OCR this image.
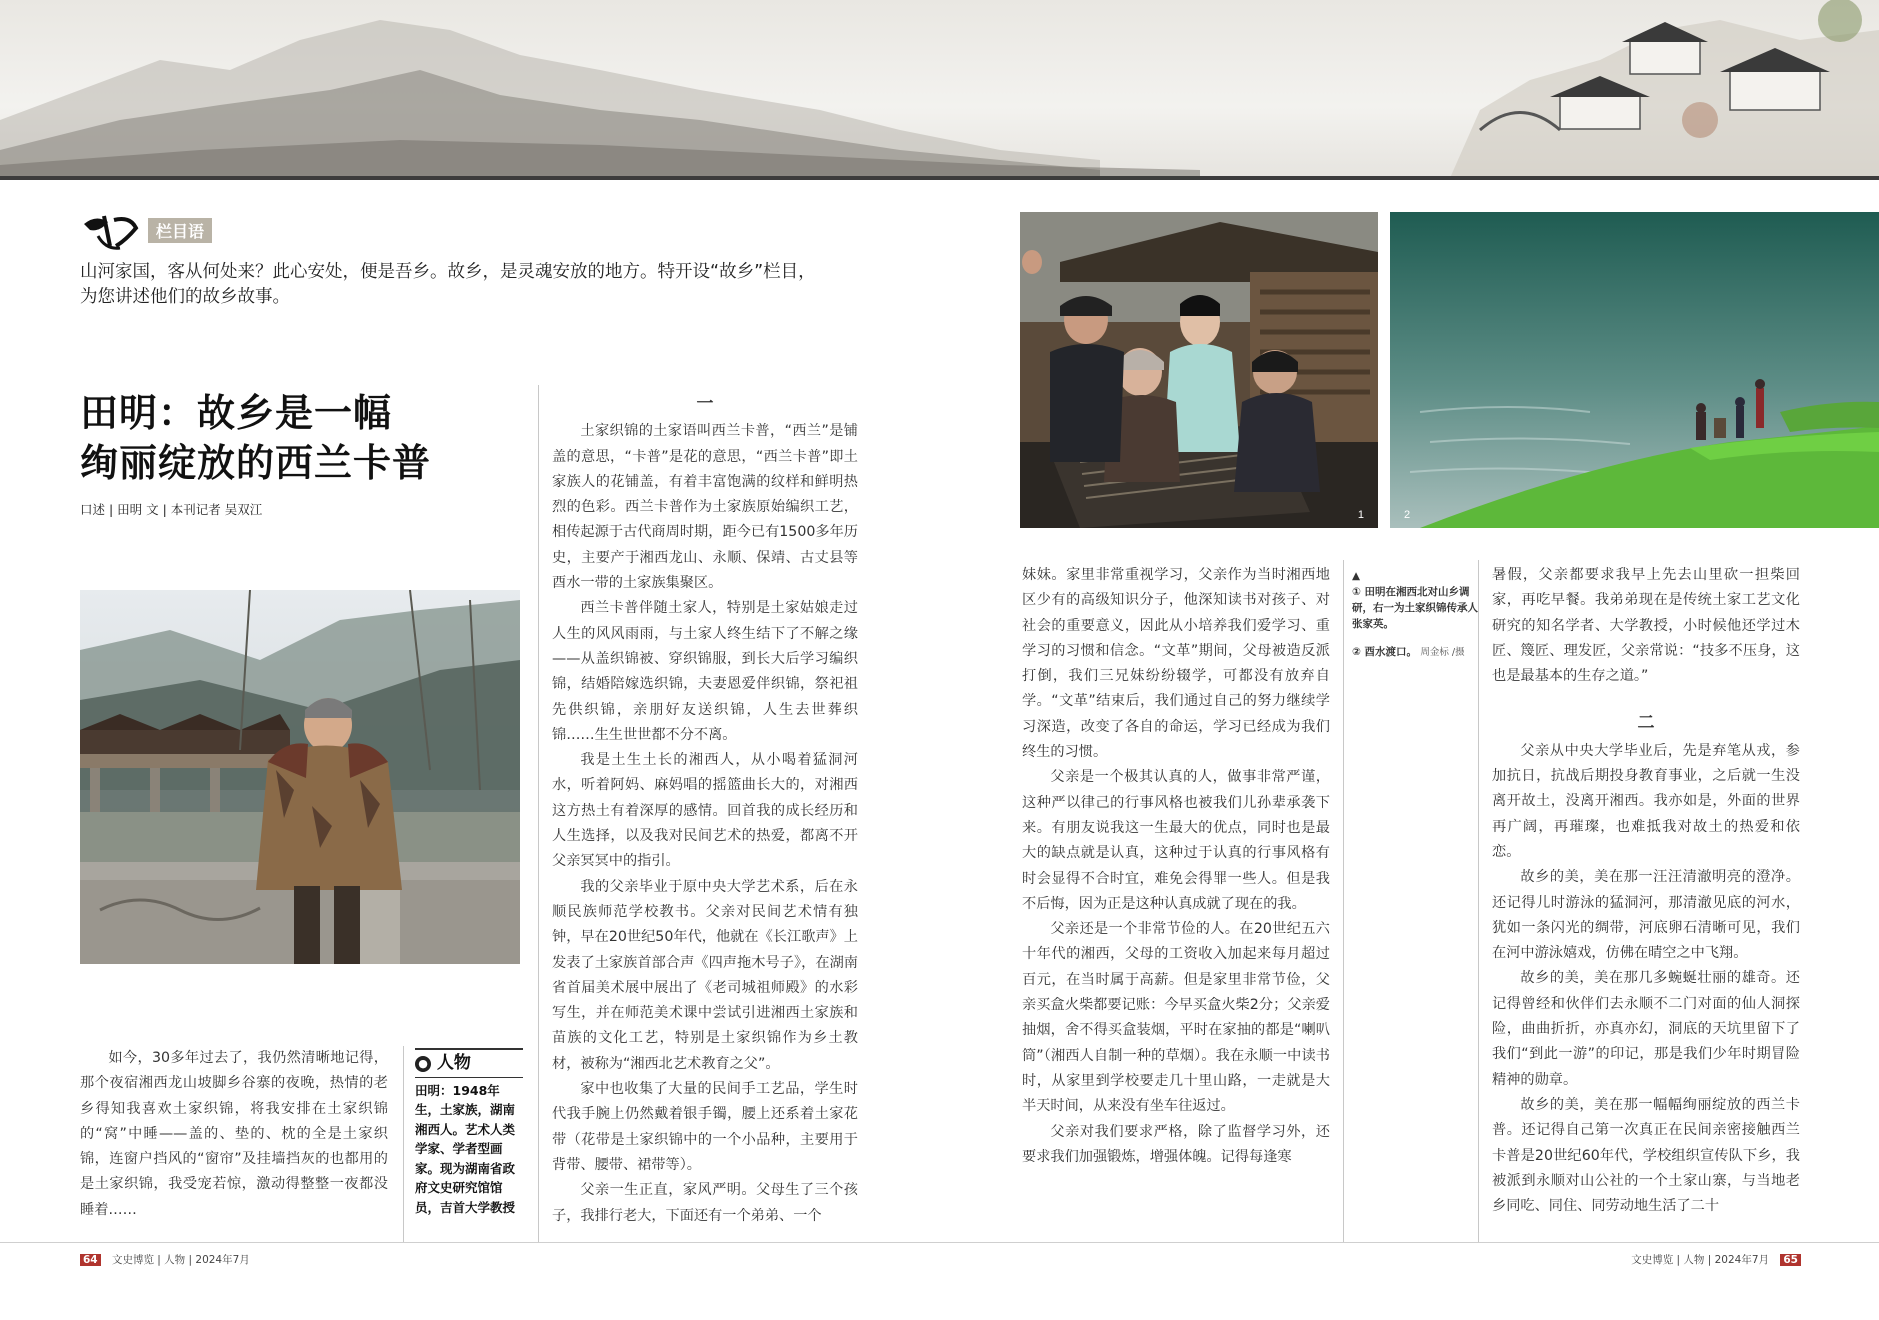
栏目语
山河家国，客从何处来？此心安处，便是吾乡。故乡，是灵魂安放的地方。特开设“故乡”栏目，为您讲述他们的故乡故事。
田明：故乡是一幅
绚丽绽放的西兰卡普
口述 | 田明 文 | 本刊记者 吴双江

如今，30多年过去了，我仍然清晰地记得，那个夜宿湘西龙山坡脚乡谷寨的夜晚，热情的老乡得知我喜欢土家织锦，将我安排在土家织锦的“窝”中睡——盖的、垫的、枕的全是土家织锦，连窗户挡风的“窗帘”及挂墙挡灰的也都用的是土家织锦，我受宠若惊，激动得整整一夜都没睡着……

● 人物
田明：1948年生，土家族，湖南湘西人。艺术人类学家、学者型画家。现为湖南省政府文史研究馆馆员，吉首大学教授

一

土家织锦的土家语叫西兰卡普，“西兰”是铺盖的意思，“卡普”是花的意思，“西兰卡普”即土家族人的花铺盖，有着丰富饱满的纹样和鲜明热烈的色彩。西兰卡普作为土家族原始编织工艺，相传起源于古代商周时期，距今已有1500多年历史，主要产于湘西龙山、永顺、保靖、古丈县等酉水一带的土家族集聚区。

西兰卡普伴随土家人，特别是土家姑娘走过人生的风风雨雨，与土家人终生结下了不解之缘——从盖织锦被、穿织锦服，到长大后学习编织锦，结婚陪嫁选织锦，夫妻恩爱伴织锦，祭祀祖先供织锦，亲朋好友送织锦，人生去世葬织锦……生生世世都不分不离。

我是土生土长的湘西人，从小喝着猛洞河水，听着阿妈、麻妈唱的摇篮曲长大的，对湘西这方热土有着深厚的感情。回首我的成长经历和人生选择，以及我对民间艺术的热爱，都离不开父亲冥冥中的指引。

我的父亲毕业于原中央大学艺术系，后在永顺民族师范学校教书。父亲对民间艺术情有独钟，早在20世纪50年代，他就在《长江歌声》上发表了土家族首部合声《四声拖木号子》，在湖南省首届美术展中展出了《老司城祖师殿》的水彩写生，并在师范美术课中尝试引进湘西土家族和苗族的文化工艺，特别是土家织锦作为乡土教材，被称为“湘西北艺术教育之父”。

家中也收集了大量的民间手工艺品，学生时代我手腕上仍然戴着银手镯，腰上还系着土家花带（花带是土家织锦中的一个小品种，主要用于背带、腰带、裙带等）。

父亲一生正直，家风严明。父母生了三个孩子，我排行老大，下面还有一个弟弟、一个

1	2

妹妹。家里非常重视学习，父亲作为当时湘西地区少有的高级知识分子，他深知读书对孩子、对社会的重要意义，因此从小培养我们爱学习、重学习的习惯和信念。“文革”期间，父母被造反派打倒，我们三兄妹纷纷辍学，可都没有放弃自学。“文革”结束后，我们通过自己的努力继续学习深造，改变了各自的命运，学习已经成为我们终生的习惯。

父亲是一个极其认真的人，做事非常严谨，这种严以律己的行事风格也被我们儿孙辈承袭下来。有朋友说我这一生最大的优点，同时也是最大的缺点就是认真，这种过于认真的行事风格有时会显得不合时宜，难免会得罪一些人。但是我不后悔，因为正是这种认真成就了现在的我。

父亲还是一个非常节俭的人。在20世纪五六十年代的湘西，父母的工资收入加起来每月超过百元，在当时属于高薪。但是家里非常节俭，父亲买盒火柴都要记账：今早买盒火柴2分；父亲爱抽烟，舍不得买盒装烟，平时在家抽的都是“喇叭筒”（湘西人自制一种的草烟）。我在永顺一中读书时，从家里到学校要走几十里山路，一走就是大半天时间，从来没有坐车往返过。

父亲对我们要求严格，除了监督学习外，还要求我们加强锻炼，增强体魄。记得每逢寒

▲
① 田明在湘西北对山乡调研，右一为土家织锦传承人张家英。
② 酉水渡口。 周金标 /摄

暑假，父亲都要求我早上先去山里砍一担柴回家，再吃早餐。我弟弟现在是传统土家工艺文化研究的知名学者、大学教授，小时候他还学过木匠、篾匠、理发匠，父亲常说：“技多不压身，这也是最基本的生存之道。”

二

父亲从中央大学毕业后，先是弃笔从戎，参加抗日，抗战后期投身教育事业，之后就一生没离开故土，没离开湘西。我亦如是，外面的世界再广阔，再璀璨，也难抵我对故土的热爱和依恋。

故乡的美，美在那一汪汪清澈明亮的澄净。还记得儿时游泳的猛洞河，那清澈见底的河水，犹如一条闪光的绸带，河底卵石清晰可见，我们在河中游泳嬉戏，仿佛在晴空之中飞翔。

故乡的美，美在那几多蜿蜒壮丽的雄奇。还记得曾经和伙伴们去永顺不二门对面的仙人洞探险，曲曲折折，亦真亦幻，洞底的天坑里留下了我们“到此一游”的印记，那是我们少年时期冒险精神的勋章。

故乡的美，美在那一幅幅绚丽绽放的西兰卡普。还记得自己第一次真正在民间亲密接触西兰卡普是20世纪60年代，学校组织宣传队下乡，我被派到永顺对山公社的一个土家山寨，与当地老乡同吃、同住、同劳动地生活了二十

64 文史博览 | 人物 | 2024年7月	文史博览 | 人物 | 2024年7月 65
